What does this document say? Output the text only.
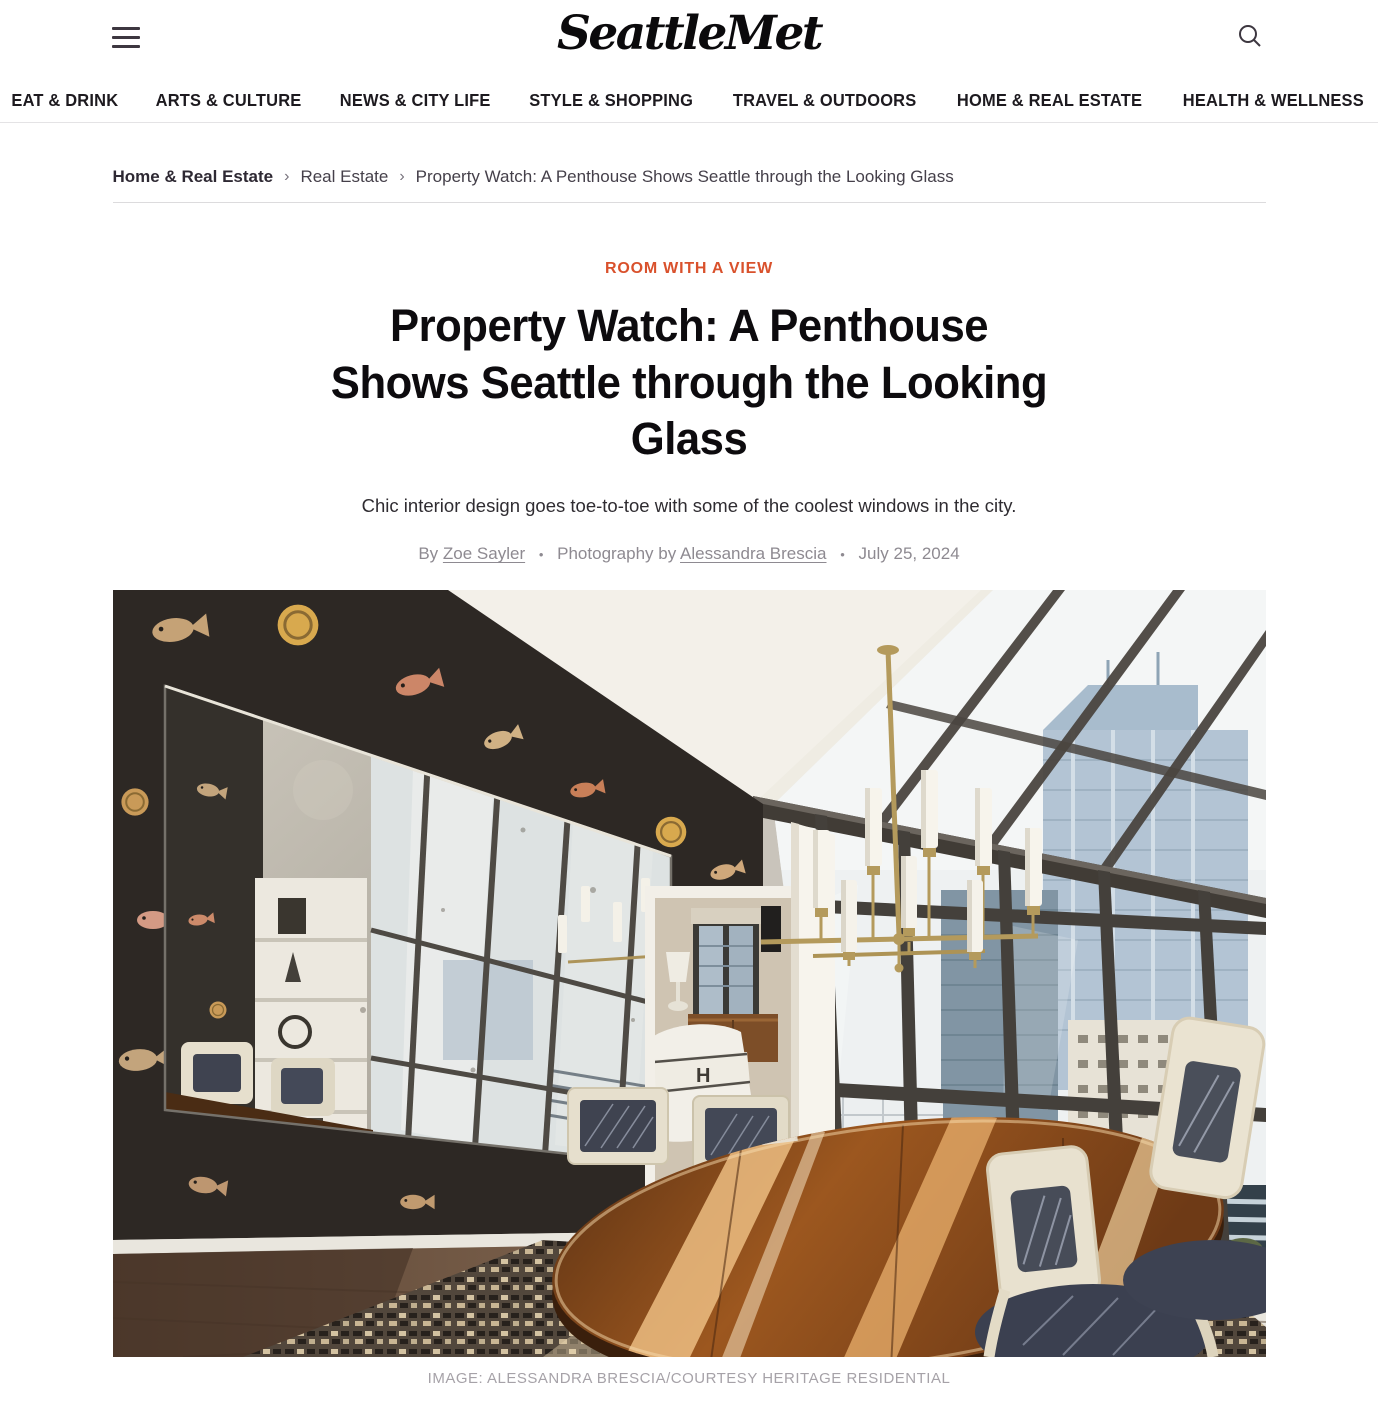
SeattleMet
EAT & DRINK ARTS & CULTURE NEWS & CITY LIFE STYLE & SHOPPING TRAVEL & OUTDOORS HOME & REAL ESTATE HEALTH & WELLNESS
Home & Real Estate › Real Estate › Property Watch: A Penthouse Shows Seattle through the Looking Glass
ROOM WITH A VIEW
Property Watch: A Penthouse
Shows Seattle through the Looking
Glass

Chic interior design goes toe-to-toe with some of the coolest windows in the city.

By Zoe Sayler • Photography by Alessandra Brescia • July 25, 2024

H
IMAGE: ALESSANDRA BRESCIA/COURTESY HERITAGE RESIDENTIAL
